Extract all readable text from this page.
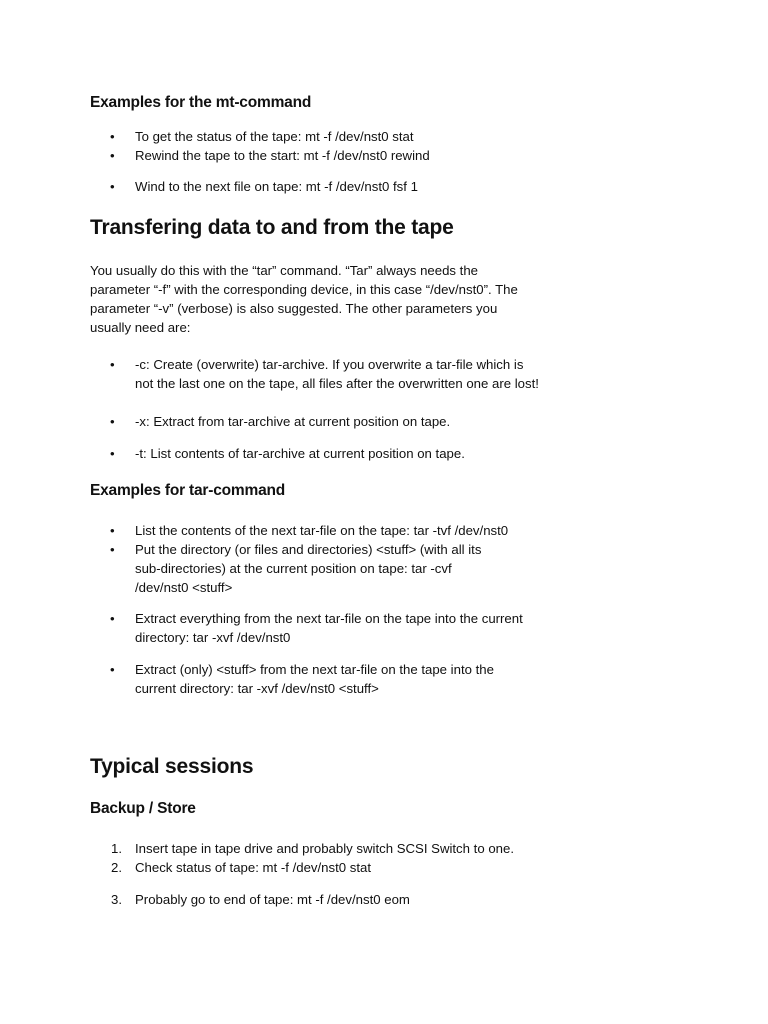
Examples for the mt-command
•	To get the status of the tape: mt -f /dev/nst0 stat
•	Rewind the tape to the start: mt -f /dev/nst0 rewind
•	Wind to the next file on tape: mt -f /dev/nst0 fsf 1
Transfering data to and from the tape

You usually do this with the “tar” command. “Tar” always needs the parameter “-f” with the corresponding device, in this case “/dev/nst0”. The parameter “-v” (verbose) is also suggested. The other parameters you usually need are:

•	-c: Create (overwrite) tar-archive. If you overwrite a tar-file which is not the last one on the tape, all files after the overwritten one are lost!
•	-x: Extract from tar-archive at current position on tape.
•	-t: List contents of tar-archive at current position on tape.
Examples for tar-command
•	List the contents of the next tar-file on the tape: tar -tvf /dev/nst0
•	Put the directory (or files and directories) <stuff> (with all its sub-directories) at the current position on tape: tar -cvf /dev/nst0 <stuff>
•	Extract everything from the next tar-file on the tape into the current directory: tar -xvf /dev/nst0
•	Extract (only) <stuff> from the next tar-file on the tape into the current directory: tar -xvf /dev/nst0 <stuff>
Typical sessions
Backup / Store
1. Insert tape in tape drive and probably switch SCSI Switch to one.
2. Check status of tape: mt -f /dev/nst0 stat
3. Probably go to end of tape: mt -f /dev/nst0 eom
